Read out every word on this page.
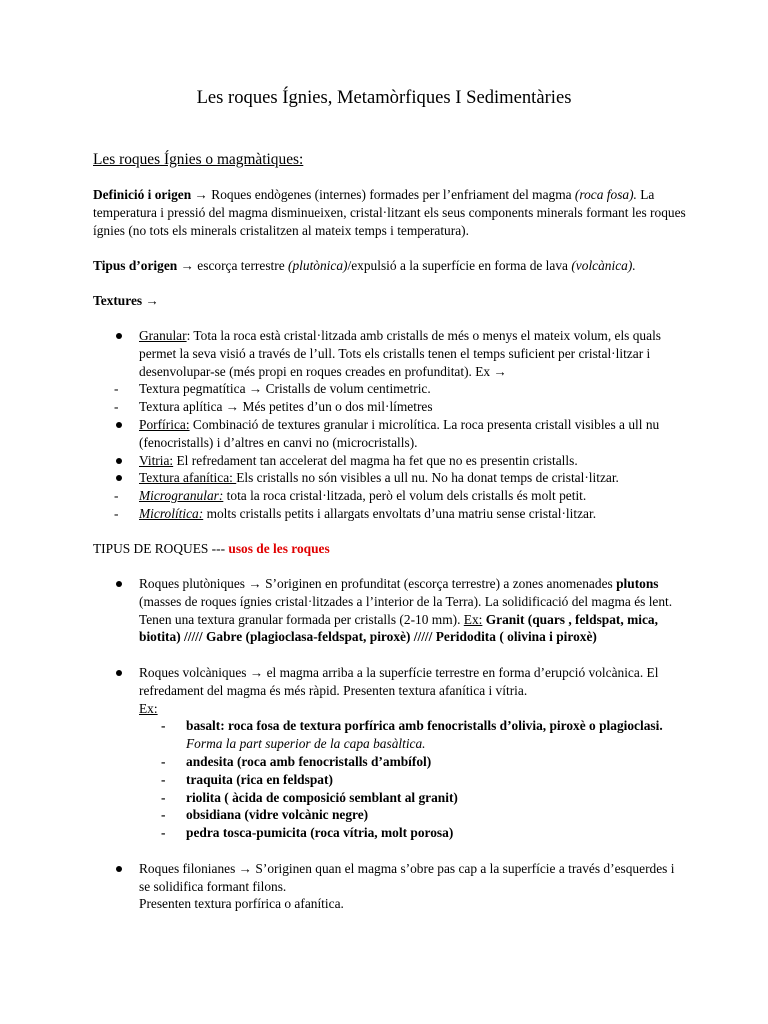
Les roques Ígnies, Metamòrfiques I Sedimentàries
Les roques Ígnies o magmàtiques:
Definició i origen → Roques endògenes (internes) formades per l’enfriament del magma (roca fosa). La temperatura i pressió del magma disminueixen, cristal·litzant els seus components minerals formant les roques ígnies (no tots els minerals cristalitzen al mateix temps i temperatura).
Tipus d’origen → escorça terrestre (plutònica)/expulsió a la superfície en forma de lava (volcànica).
Textures →
Granular: Tota la roca està cristal·litzada amb cristalls de més o menys el mateix volum, els quals permet la seva visió a través de l’ull. Tots els cristalls tenen el temps suficient per cristal·litzar i desenvolupar-se (més propi en roques creades en profunditat). Ex →
- Textura pegmatítica → Cristalls de volum centimetric.
- Textura aplítica → Més petites d’un o dos mil·límetres
Porfírica: Combinació de textures granular i microlítica. La roca presenta cristall visibles a ull nu (fenocristalls) i d’altres en canvi no (microcristalls).
Vitria: El refredament tan accelerat del magma ha fet que no es presentin cristalls.
Textura afanítica: Els cristalls no són visibles a ull nu. No ha donat temps de cristal·litzar.
- Microgranular: tota la roca cristal·litzada, però el volum dels cristalls és molt petit.
- Microlítica: molts cristalls petits i allargats envoltats d’una matriu sense cristal·litzar.
TIPUS DE ROQUES --- usos de les roques
Roques plutòniques → S’originen en profunditat (escorça terrestre) a zones anomenades plutons (masses de roques ígnies cristal·litzades a l’interior de la Terra). La solidificació del magma és lent. Tenen una textura granular formada per cristalls (2-10 mm). Ex: Granit (quars , feldspat, mica, biotita) ///// Gabre (plagioclasa-feldspat, piroxè) ///// Peridodita ( olivina i piroxè)
Roques volcàniques → el magma arriba a la superfície terrestre en forma d’erupció volcànica. El refredament del magma és més ràpid. Presenten textura afanítica i vítria.
Ex:
- basalt: roca fosa de textura porfírica amb fenocristalls d’olivia, piroxè o plagioclasi. Forma la part superior de la capa basàltica.
- andesita (roca amb fenocristalls d’ambífol)
- traquita (rica en feldspat)
- riolita ( àcida de composició semblant al granit)
- obsidiana (vidre volcànic negre)
- pedra tosca-pumicita (roca vítria, molt porosa)
Roques filonianes → S’originen quan el magma s’obre pas cap a la superfície a través d’esquerdes i se solidifica formant filons.
Presenten textura porfírica o afanítica.
